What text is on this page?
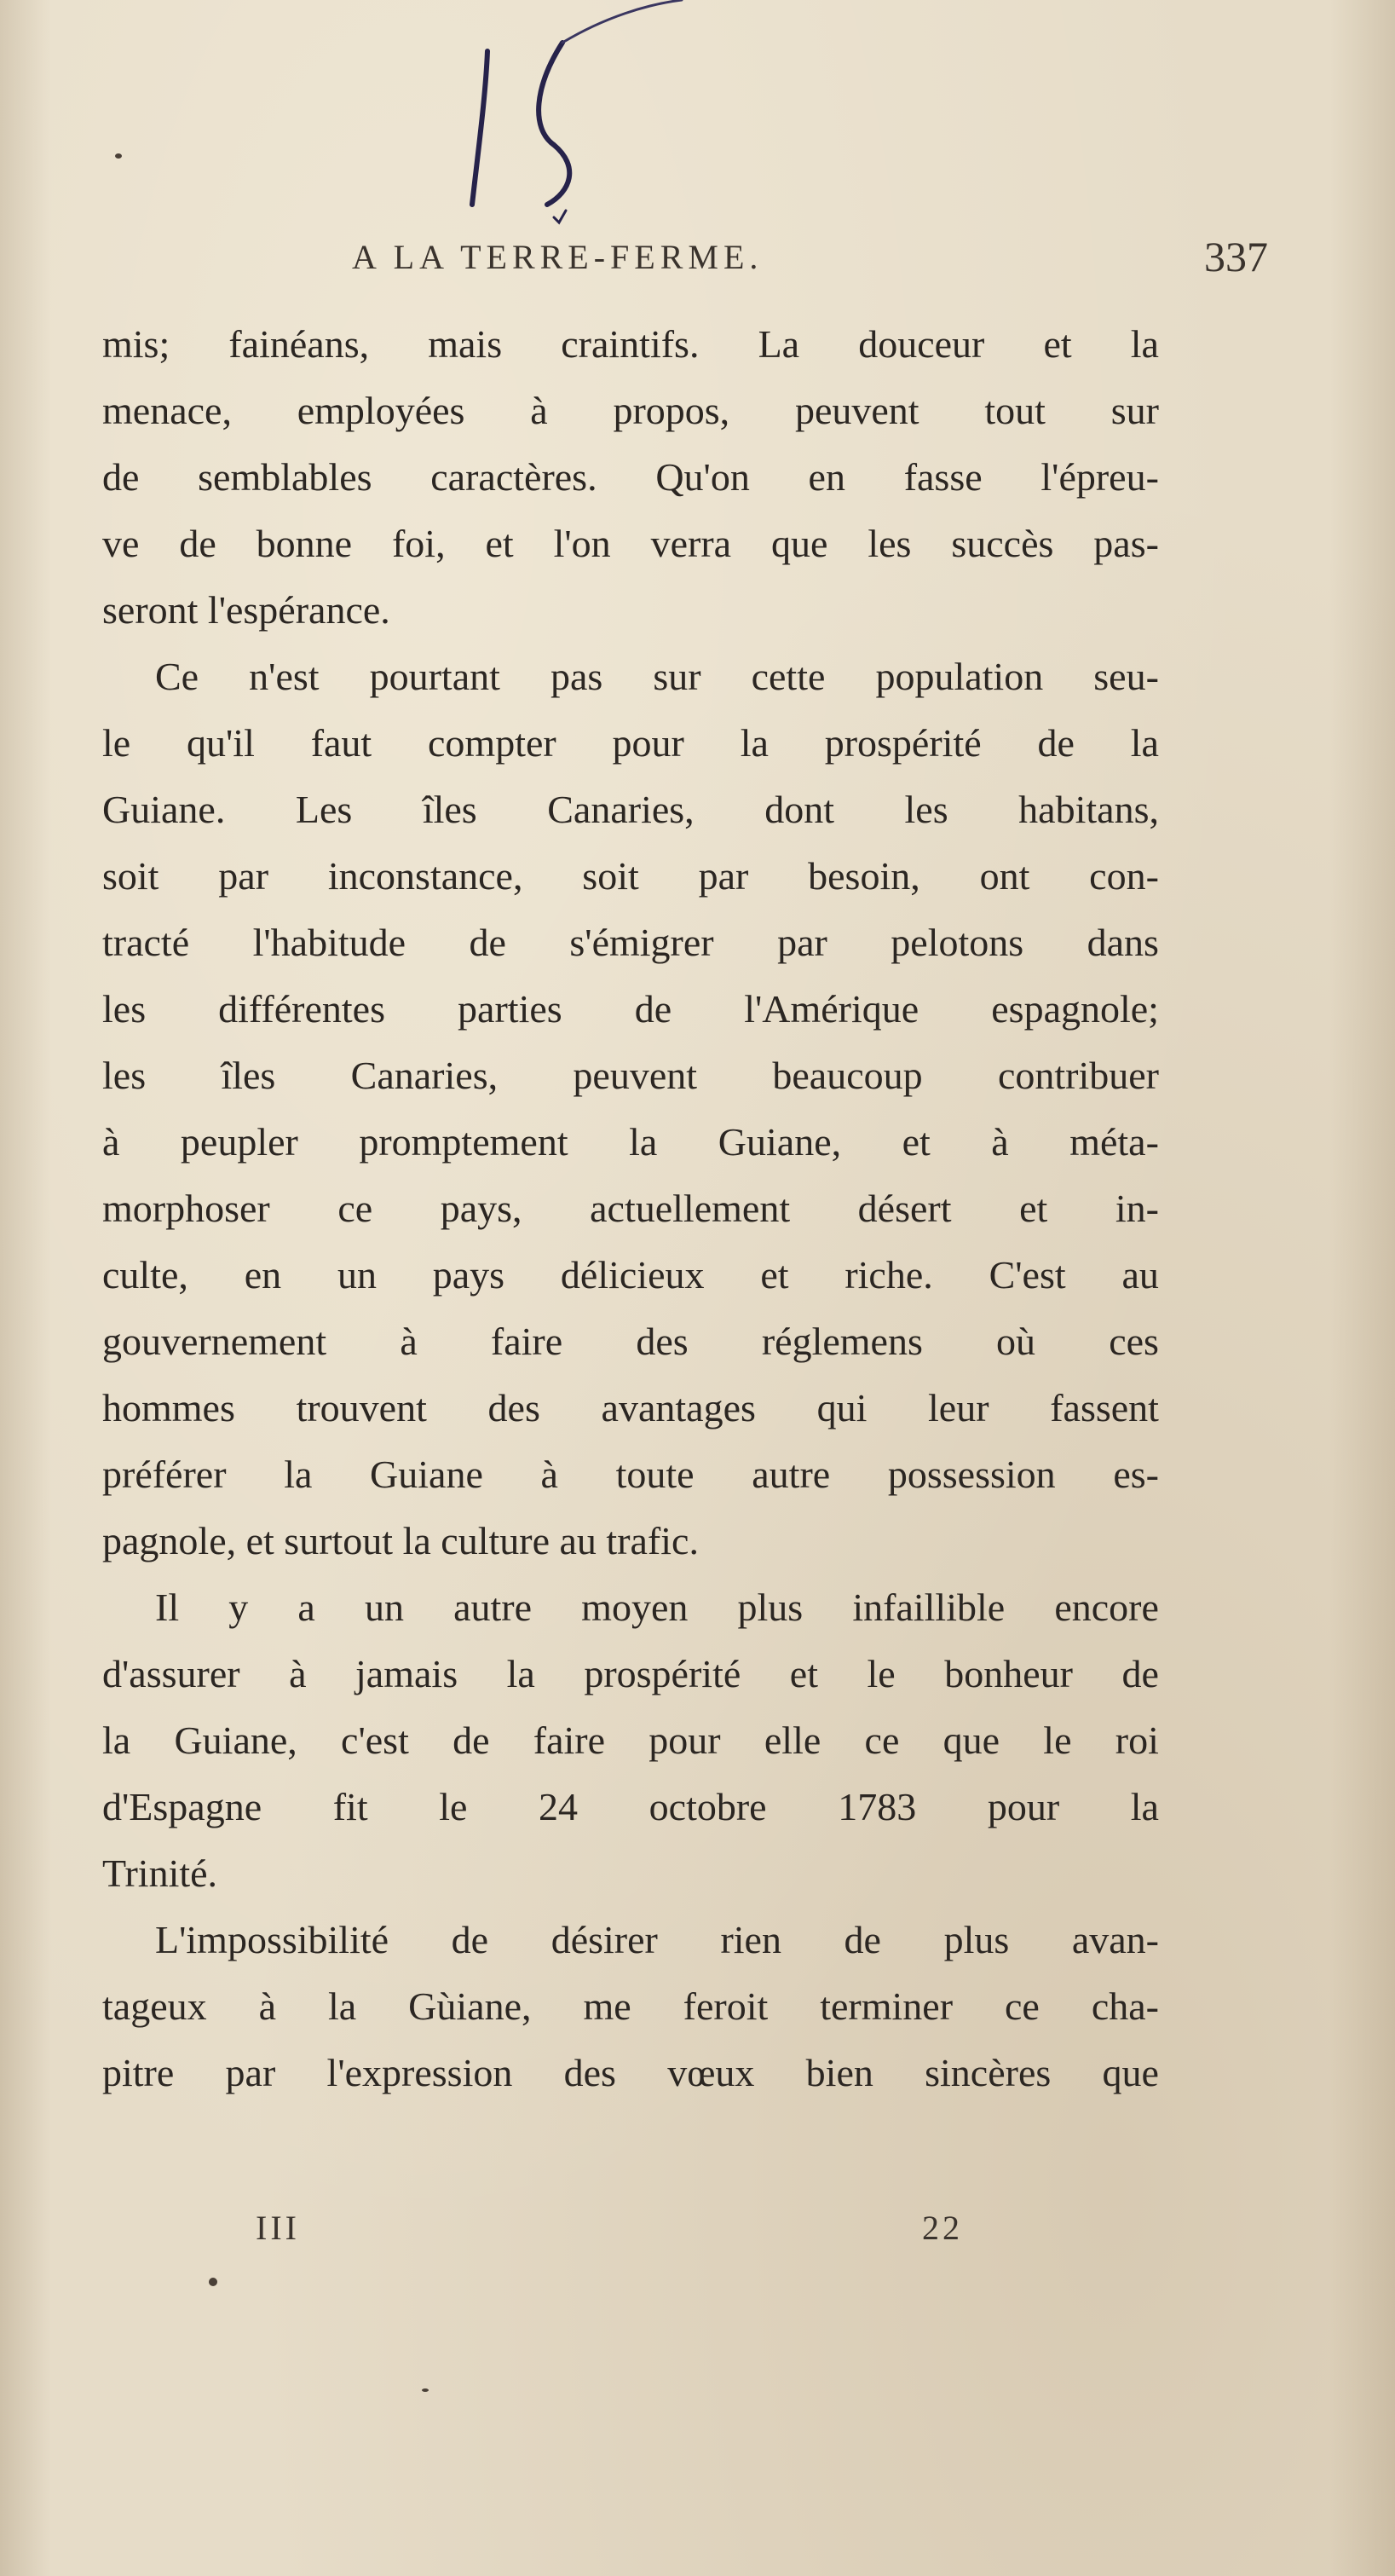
A LA TERRE-FERME.	337
mis; fainéans, mais craintifs. La douceur et la
menace, employées à propos, peuvent tout sur
de semblables caractères. Qu'on en fasse l'épreu-
ve de bonne foi, et l'on verra que les succès pas-
seront l'espérance.
Ce n'est pourtant pas sur cette population seu-
le qu'il faut compter pour la prospérité de la
Guiane. Les îles Canaries, dont les habitans,
soit par inconstance, soit par besoin, ont con-
tracté l'habitude de s'émigrer par pelotons dans
les différentes parties de l'Amérique espagnole;
les îles Canaries, peuvent beaucoup contribuer
à peupler promptement la Guiane, et à méta-
morphoser ce pays, actuellement désert et in-
culte, en un pays délicieux et riche. C'est au
gouvernement à faire des réglemens où ces
hommes trouvent des avantages qui leur fassent
préférer la Guiane à toute autre possession es-
pagnole, et surtout la culture au trafic.
Il y a un autre moyen plus infaillible encore
d'assurer à jamais la prospérité et le bonheur de
la Guiane, c'est de faire pour elle ce que le roi
d'Espagne fit le 24 octobre 1783 pour la
Trinité.
L'impossibilité de désirer rien de plus avan-
tageux à la Gùiane, me feroit terminer ce cha-
pitre par l'expression des vœux bien sincères que
III	22
